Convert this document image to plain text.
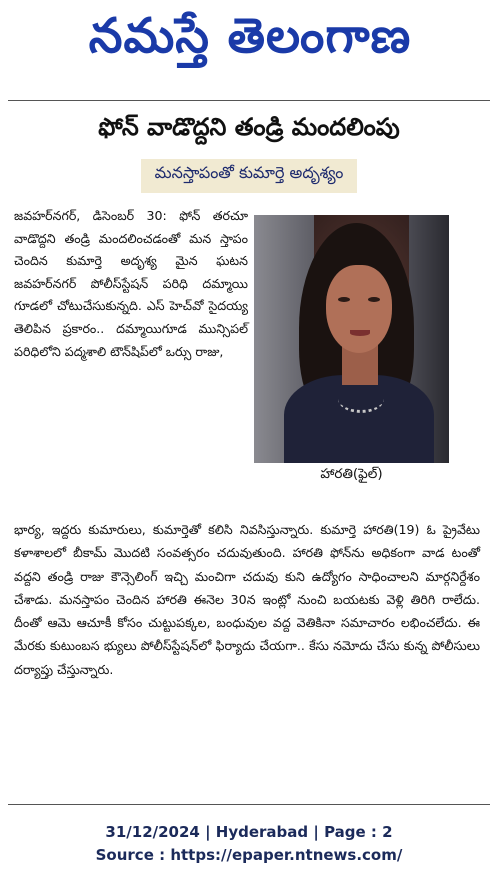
నమస్తే తెలంగాణ
ఫోన్ వాడొద్దని తండ్రి మందలింపు
మనస్తాపంతో కుమార్తె అదృశ్యం

జవహర్‌నగర్, డిసెంబర్ 30: ఫోన్ తరచూ వాడొద్దని తండ్రి మందలించడంతో మన స్తాపం చెందిన కుమార్తె అదృశ్య మైన ఘటన జవహర్‌నగర్ పోలీస్‌స్టేషన్ పరిధి దమ్మాయి గూడలో చోటుచేసుకున్నది. ఎస్ హెచ్‌వో సైదయ్య తెలిపిన ప్రకారం.. దమ్మాయిగూడ మున్సిపల్ పరిధిలోని పద్మశాలి టౌన్‌షిప్‌లో ఒర్సు రాజు,

హారతి(ఫైల్)

భార్య, ఇద్దరు కుమారులు, కుమార్తెతో కలిసి నివసిస్తున్నారు. కుమార్తె హారతి(19) ఓ ప్రైవేటు కళాశాలలో బీకామ్ మొదటి సంవత్సరం చదువుతుంది. హారతి ఫోన్‌ను అధికంగా వాడ టంతో వద్దని తండ్రి రాజు కౌన్సెలింగ్ ఇచ్చి మంచిగా చదువు కుని ఉద్యోగం సాధించాలని మార్గనిర్దేశం చేశాడు. మనస్తాపం చెందిన హారతి ఈనెల 30న ఇంట్లో నుంచి బయటకు వెళ్లి తిరిగి రాలేదు. దీంతో ఆమె ఆచూకీ కోసం చుట్టుపక్కల, బంధువుల వద్ద వెతికినా సమాచారం లభించలేదు. ఈ మేరకు కుటుంబస భ్యులు పోలీస్‌స్టేషన్‌లో ఫిర్యాదు చేయగా.. కేసు నమోదు చేసు కున్న పోలీసులు దర్యాప్తు చేస్తున్నారు.

31/12/2024 | Hyderabad | Page : 2
Source : https://epaper.ntnews.com/
